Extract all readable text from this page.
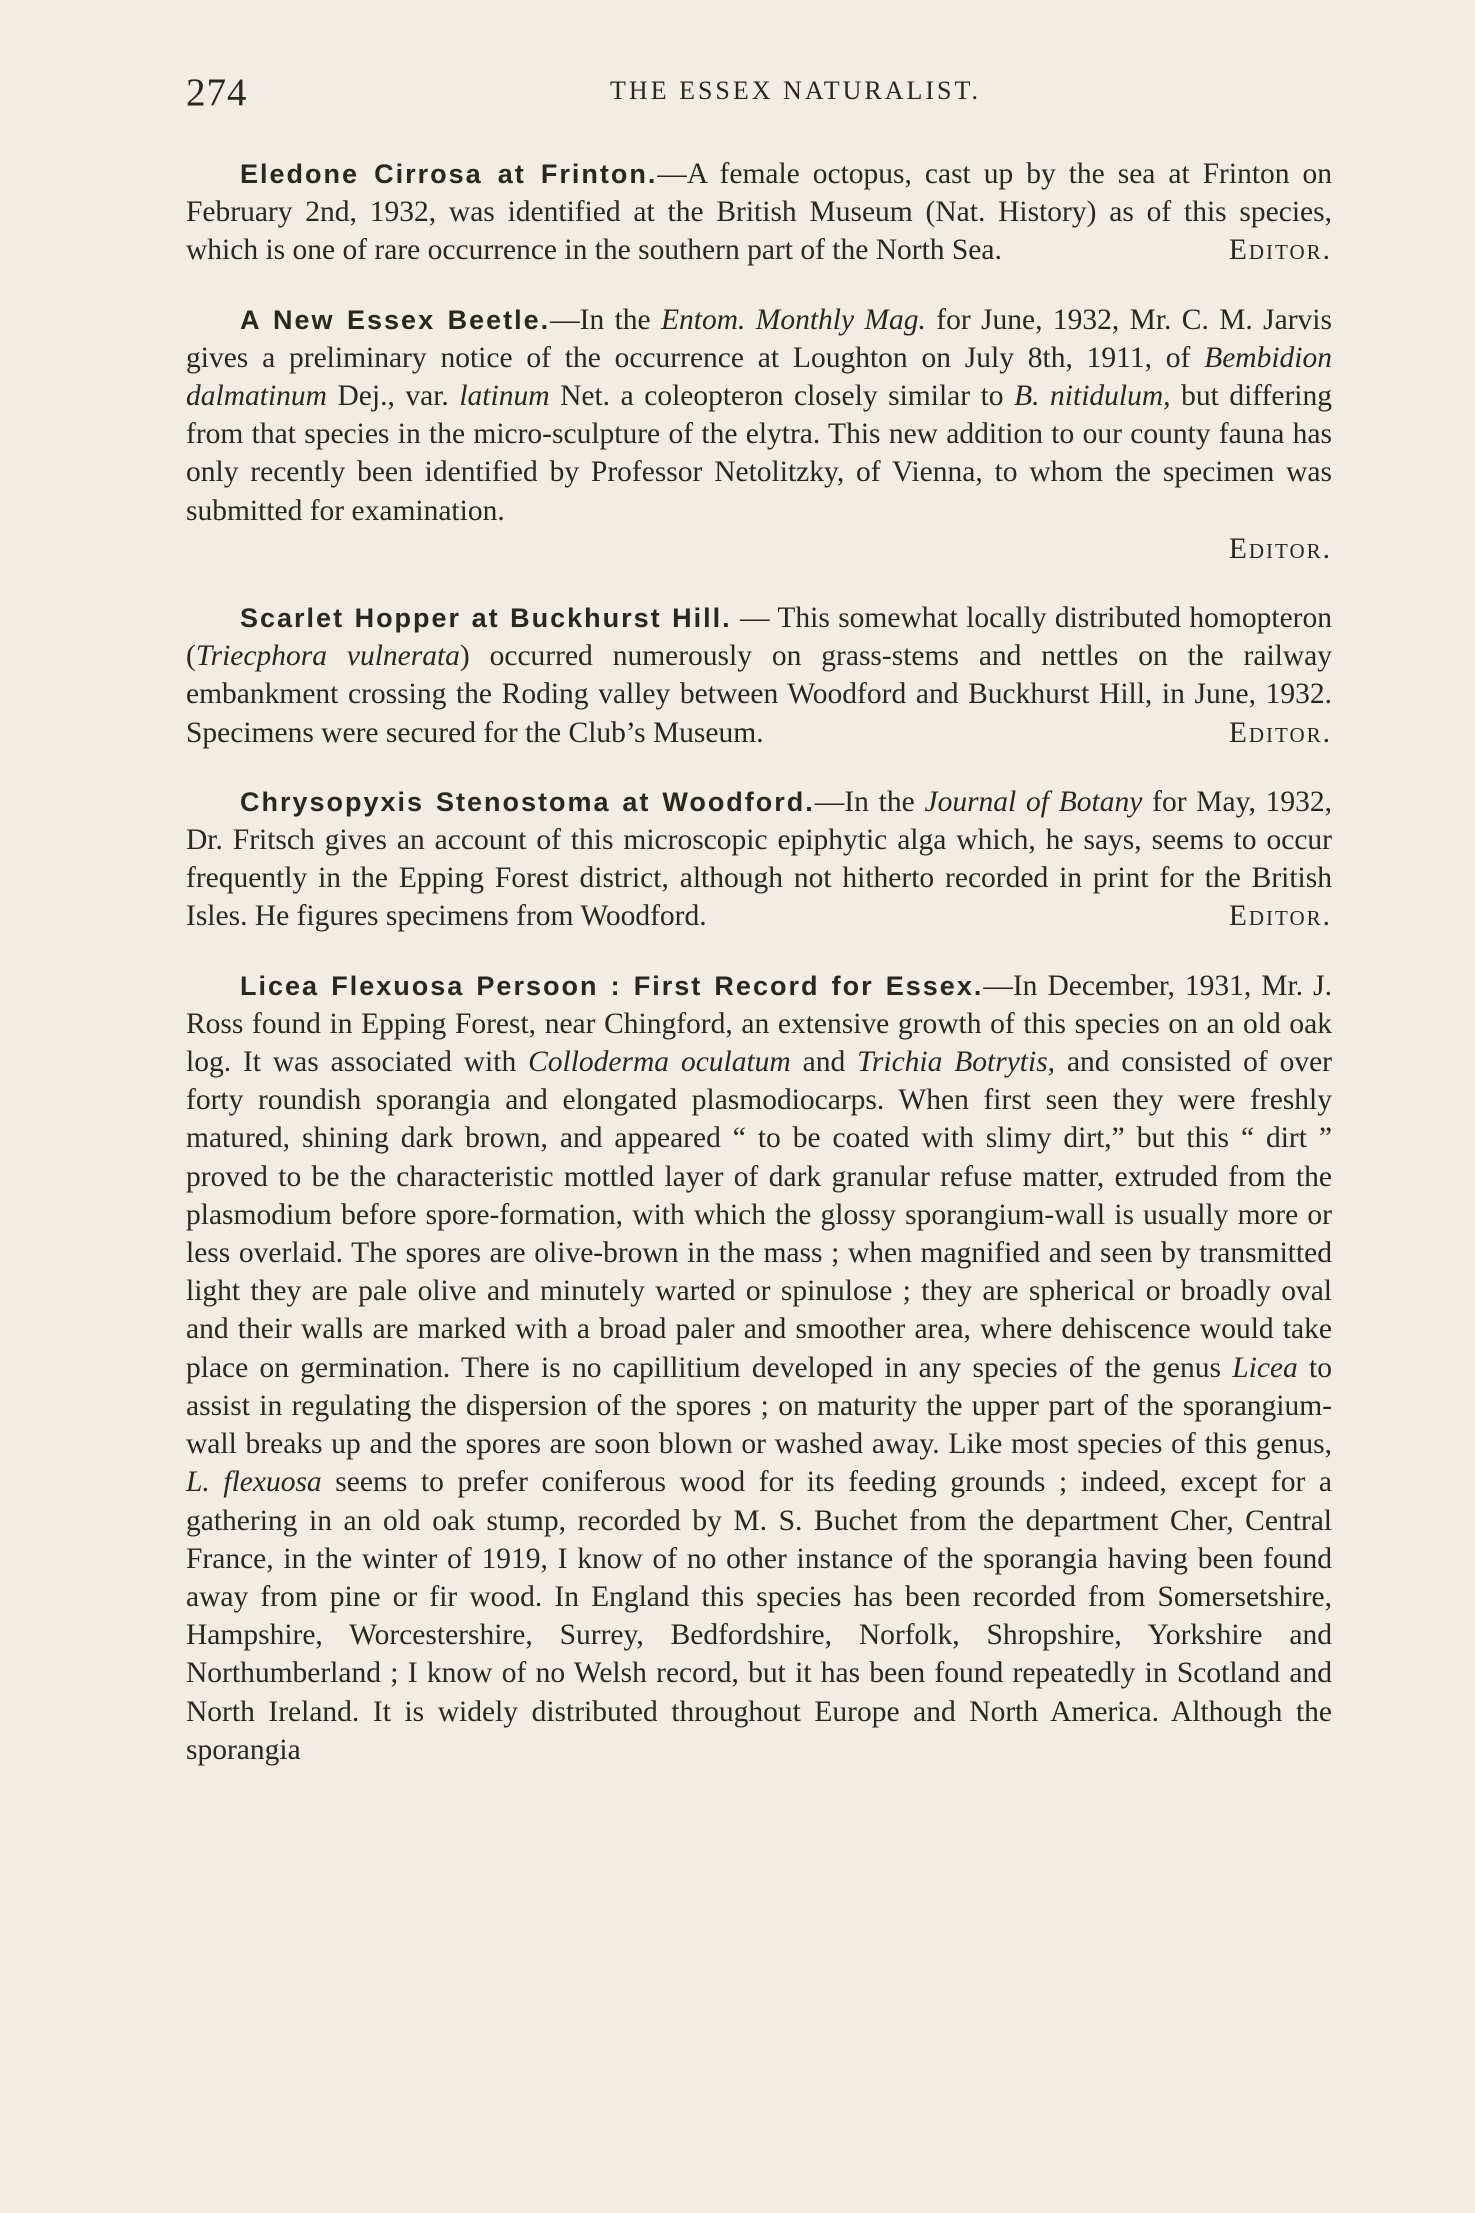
274	THE ESSEX NATURALIST.

Eledone Cirrosa at Frinton.—A female octopus, cast up by the sea at Frinton on February 2nd, 1932, was identified at the British Museum (Nat. History) as of this species, which is one of rare occurrence in the southern part of the North Sea.	Editor.

A New Essex Beetle.—In the Entom. Monthly Mag. for June, 1932, Mr. C. M. Jarvis gives a preliminary notice of the occurrence at Loughton on July 8th, 1911, of Bembidion dalmatinum Dej., var. latinum Net. a coleopteron closely similar to B. nitidulum, but differing from that species in the micro-sculpture of the elytra. This new addition to our county fauna has only recently been identified by Professor Netolitzky, of Vienna, to whom the specimen was submitted for examination.

Editor.

Scarlet Hopper at Buckhurst Hill. — This somewhat locally distributed homopteron (Triecphora vulnerata) occurred numerously on grass-stems and nettles on the railway embankment crossing the Roding valley between Woodford and Buckhurst Hill, in June, 1932. Specimens were secured for the Club’s Museum.	Editor.

Chrysopyxis Stenostoma at Woodford.—In the Journal of Botany for May, 1932, Dr. Fritsch gives an account of this microscopic epiphytic alga which, he says, seems to occur frequently in the Epping Forest district, although not hitherto recorded in print for the British Isles. He figures specimens from Woodford.	Editor.

Licea Flexuosa Persoon : First Record for Essex.—In December, 1931, Mr. J. Ross found in Epping Forest, near Chingford, an extensive growth of this species on an old oak log. It was associated with Collodermа oculatum and Trichia Botrytis, and consisted of over forty roundish sporangia and elongated plasmodiocarps. When first seen they were freshly matured, shining dark brown, and appeared “ to be coated with slimy dirt,” but this “ dirt ” proved to be the characteristic mottled layer of dark granular refuse matter, extruded from the plasmodium before spore-formation, with which the glossy sporangium-wall is usually more or less overlaid. The spores are olive-brown in the mass ; when magnified and seen by transmitted light they are pale olive and minutely warted or spinulose ; they are spherical or broadly oval and their walls are marked with a broad paler and smoother area, where dehiscence would take place on germination. There is no capillitium developed in any species of the genus Licea to assist in regulating the dispersion of the spores ; on maturity the upper part of the sporangium-wall breaks up and the spores are soon blown or washed away. Like most species of this genus, L. flexuosa seems to prefer coniferous wood for its feeding grounds ; indeed, except for a gathering in an old oak stump, recorded by M. S. Buchet from the department Cher, Central France, in the winter of 1919, I know of no other instance of the sporangia having been found away from pine or fir wood. In England this species has been recorded from Somersetshire, Hampshire, Worcestershire, Surrey, Bedfordshire, Norfolk, Shropshire, Yorkshire and Northumberland ; I know of no Welsh record, but it has been found repeatedly in Scotland and North Ireland. It is widely distributed throughout Europe and North America. Although the sporangia
